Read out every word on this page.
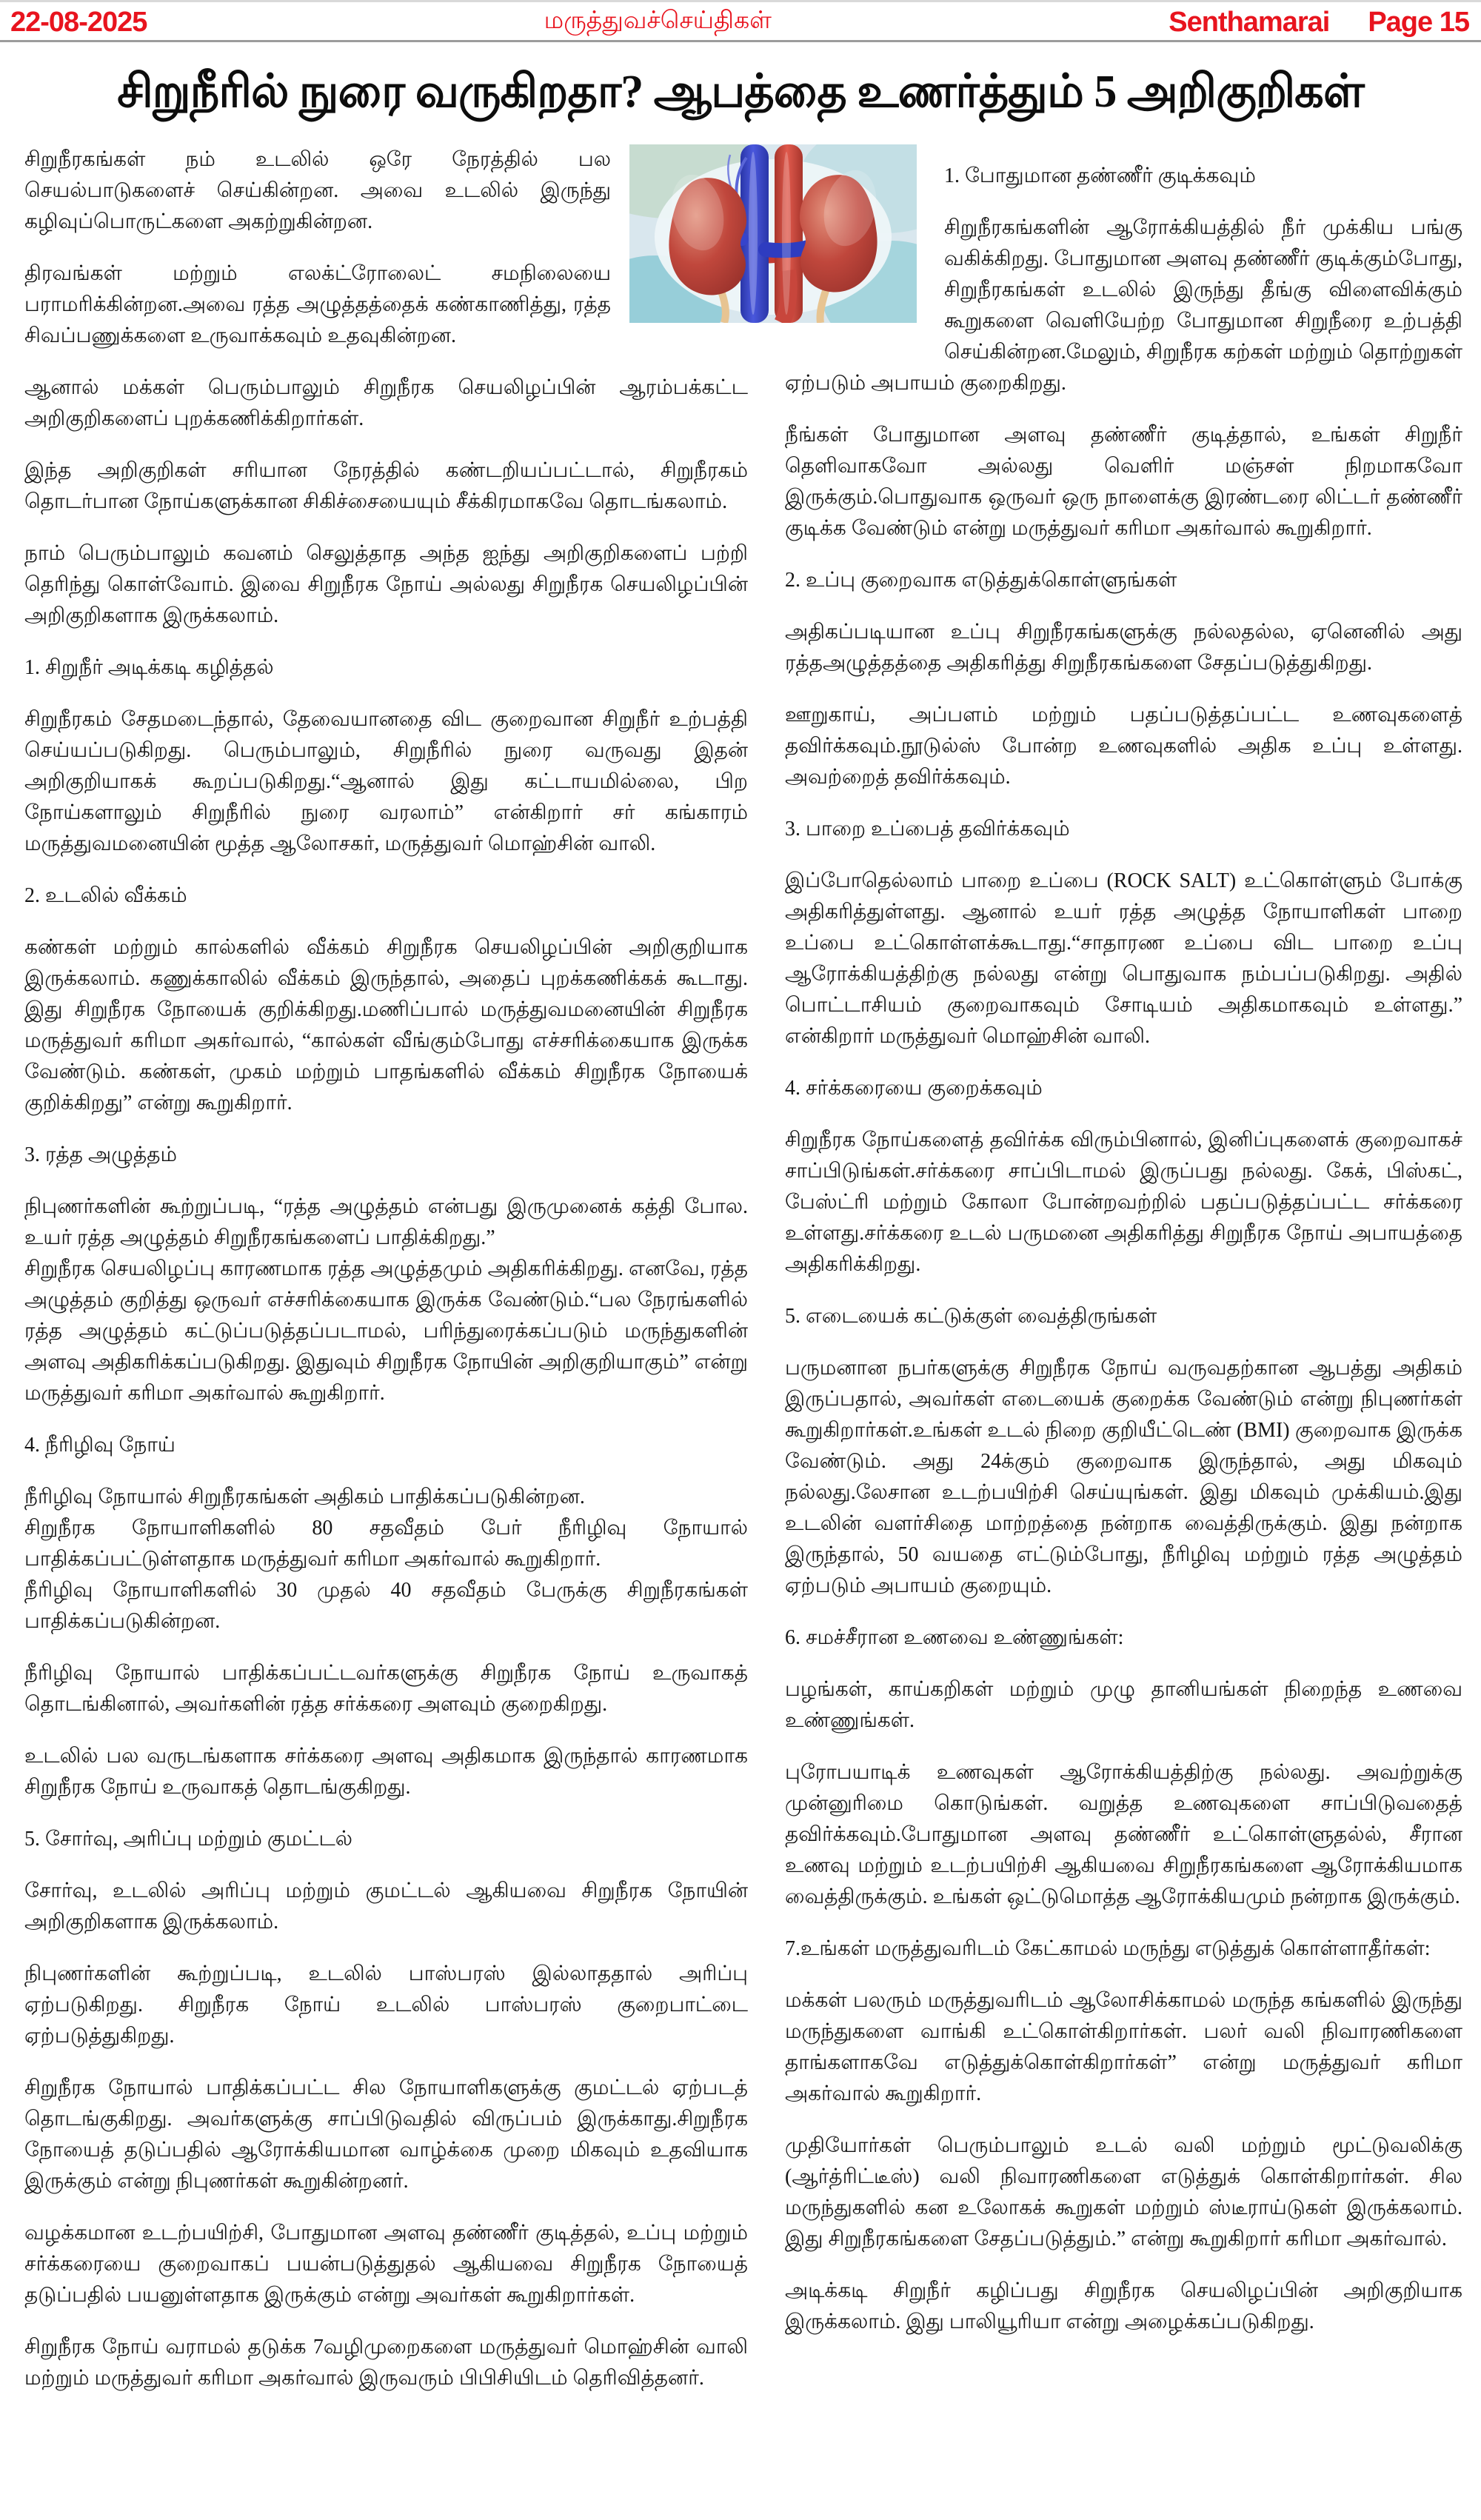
22-08-2025	மருத்துவச்செய்திகள்	Senthamarai Page 15
சிறுநீரில் நுரை வருகிறதா? ஆபத்தை உணர்த்தும் 5 அறிகுறிகள்
சிறுநீரகங்கள் நம் உடலில் ஒரே நேரத்தில் பல செயல்பாடுகளைச் செய்கின்றன. அவை உடலில் இருந்து கழிவுப்பொருட்களை அகற்றுகின்றன.
திரவங்கள் மற்றும் எலக்ட்ரோலைட் சமநிலையை பராமரிக்கின்றன.அவை ரத்த அழுத்தத்தைக் கண்காணித்து, ரத்த சிவப்பணுக்களை உருவாக்கவும் உதவுகின்றன.
ஆனால் மக்கள் பெரும்பாலும் சிறுநீரக செயலிழப்பின் ஆரம்பக்கட்ட அறிகுறிகளைப் புறக்கணிக்கிறார்கள்.
இந்த அறிகுறிகள் சரியான நேரத்தில் கண்டறியப்பட்டால், சிறுநீரகம் தொடர்பான நோய்களுக்கான சிகிச்சையையும் சீக்கிரமாகவே தொடங்கலாம்.
நாம் பெரும்பாலும் கவனம் செலுத்தாத அந்த ஐந்து அறிகுறிகளைப் பற்றி தெரிந்து கொள்வோம். இவை சிறுநீரக நோய் அல்லது சிறுநீரக செயலிழப்பின் அறிகுறிகளாக இருக்கலாம்.
1. சிறுநீர் அடிக்கடி கழித்தல்
சிறுநீரகம் சேதமடைந்தால், தேவையானதை விட குறைவான சிறுநீர் உற்பத்தி செய்யப்படுகிறது. பெரும்பாலும், சிறுநீரில் நுரை வருவது இதன் அறிகுறியாகக் கூறப்படுகிறது.“ஆனால் இது கட்டாயமில்லை, பிற நோய்களாலும் சிறுநீரில் நுரை வரலாம்” என்கிறார் சர் கங்காரம் மருத்துவமனையின் மூத்த ஆலோசகர், மருத்துவர் மொஹ்சின் வாலி.
2. உடலில் வீக்கம்
கண்கள் மற்றும் கால்களில் வீக்கம் சிறுநீரக செயலிழப்பின் அறிகுறியாக இருக்கலாம். கணுக்காலில் வீக்கம் இருந்தால், அதைப் புறக்கணிக்கக் கூடாது. இது சிறுநீரக நோயைக் குறிக்கிறது.மணிப்பால் மருத்துவமனையின் சிறுநீரக மருத்துவர் கரிமா அகர்வால், “கால்கள் வீங்கும்போது எச்சரிக்கையாக இருக்க வேண்டும். கண்கள், முகம் மற்றும் பாதங்களில் வீக்கம் சிறுநீரக நோயைக் குறிக்கிறது” என்று கூறுகிறார்.
3. ரத்த அழுத்தம்
நிபுணர்களின் கூற்றுப்படி, “ரத்த அழுத்தம் என்பது இருமுனைக் கத்தி போல. உயர் ரத்த அழுத்தம் சிறுநீரகங்களைப் பாதிக்கிறது.”
சிறுநீரக செயலிழப்பு காரணமாக ரத்த அழுத்தமும் அதிகரிக்கிறது. எனவே, ரத்த அழுத்தம் குறித்து ஒருவர் எச்சரிக்கையாக இருக்க வேண்டும்.“பல நேரங்களில் ரத்த அழுத்தம் கட்டுப்படுத்தப்படாமல், பரிந்துரைக்கப்படும் மருந்துகளின் அளவு அதிகரிக்கப்படுகிறது. இதுவும் சிறுநீரக நோயின் அறிகுறியாகும்” என்று மருத்துவர் கரிமா அகர்வால் கூறுகிறார்.
4. நீரிழிவு நோய்
நீரிழிவு நோயால் சிறுநீரகங்கள் அதிகம் பாதிக்கப்படுகின்றன.
சிறுநீரக நோயாளிகளில் 80 சதவீதம் பேர் நீரிழிவு நோயால் பாதிக்கப்பட்டுள்ளதாக மருத்துவர் கரிமா அகர்வால் கூறுகிறார்.
நீரிழிவு நோயாளிகளில் 30 முதல் 40 சதவீதம் பேருக்கு சிறுநீரகங்கள் பாதிக்கப்படுகின்றன.
நீரிழிவு நோயால் பாதிக்கப்பட்டவர்களுக்கு சிறுநீரக நோய் உருவாகத் தொடங்கினால், அவர்களின் ரத்த சர்க்கரை அளவும் குறைகிறது.
உடலில் பல வருடங்களாக சர்க்கரை அளவு அதிகமாக இருந்தால் காரணமாக சிறுநீரக நோய் உருவாகத் தொடங்குகிறது.
5. சோர்வு, அரிப்பு மற்றும் குமட்டல்
சோர்வு, உடலில் அரிப்பு மற்றும் குமட்டல் ஆகியவை சிறுநீரக நோயின் அறிகுறிகளாக இருக்கலாம்.
நிபுணர்களின் கூற்றுப்படி, உடலில் பாஸ்பரஸ் இல்லாததால் அரிப்பு ஏற்படுகிறது. சிறுநீரக நோய் உடலில் பாஸ்பரஸ் குறைபாட்டை ஏற்படுத்துகிறது.
சிறுநீரக நோயால் பாதிக்கப்பட்ட சில நோயாளிகளுக்கு குமட்டல் ஏற்படத் தொடங்குகிறது. அவர்களுக்கு சாப்பிடுவதில் விருப்பம் இருக்காது.சிறுநீரக நோயைத் தடுப்பதில் ஆரோக்கியமான வாழ்க்கை முறை மிகவும் உதவியாக இருக்கும் என்று நிபுணர்கள் கூறுகின்றனர்.
வழக்கமான உடற்பயிற்சி, போதுமான அளவு தண்ணீர் குடித்தல், உப்பு மற்றும் சர்க்கரையை குறைவாகப் பயன்படுத்துதல் ஆகியவை சிறுநீரக நோயைத் தடுப்பதில் பயனுள்ளதாக இருக்கும் என்று அவர்கள் கூறுகிறார்கள்.
சிறுநீரக நோய் வராமல் தடுக்க 7வழிமுறைகளை மருத்துவர் மொஹ்சின் வாலி மற்றும் மருத்துவர் கரிமா அகர்வால் இருவரும் பிபிசியிடம் தெரிவித்தனர்.
1. போதுமான தண்ணீர் குடிக்கவும்
சிறுநீரகங்களின் ஆரோக்கியத்தில் நீர் முக்கிய பங்கு வகிக்கிறது. போதுமான அளவு தண்ணீர் குடிக்கும்போது, சிறுநீரகங்கள் உடலில் இருந்து தீங்கு விளைவிக்கும் கூறுகளை வெளியேற்ற போதுமான சிறுநீரை உற்பத்தி செய்கின்றன.மேலும், சிறுநீரக கற்கள் மற்றும் தொற்றுகள் ஏற்படும் அபாயம் குறைகிறது.
நீங்கள் போதுமான அளவு தண்ணீர் குடித்தால், உங்கள் சிறுநீர் தெளிவாகவோ அல்லது வெளிர் மஞ்சள் நிறமாகவோ இருக்கும்.பொதுவாக ஒருவர் ஒரு நாளைக்கு இரண்டரை லிட்டர் தண்ணீர் குடிக்க வேண்டும் என்று மருத்துவர் கரிமா அகர்வால் கூறுகிறார்.
2. உப்பு குறைவாக எடுத்துக்கொள்ளுங்கள்
அதிகப்படியான உப்பு சிறுநீரகங்களுக்கு நல்லதல்ல, ஏனெனில் அது ரத்தஅழுத்தத்தை அதிகரித்து சிறுநீரகங்களை சேதப்படுத்துகிறது.
ஊறுகாய், அப்பளம் மற்றும் பதப்படுத்தப்பட்ட உணவுகளைத் தவிர்க்கவும்.நூடுல்ஸ் போன்ற உணவுகளில் அதிக உப்பு உள்ளது. அவற்றைத் தவிர்க்கவும்.
3. பாறை உப்பைத் தவிர்க்கவும்
இப்போதெல்லாம் பாறை உப்பை (ROCK SALT) உட்கொள்ளும் போக்கு அதிகரித்துள்ளது. ஆனால் உயர் ரத்த அழுத்த நோயாளிகள் பாறை உப்பை உட்கொள்ளக்கூடாது.“சாதாரண உப்பை விட பாறை உப்பு ஆரோக்கியத்திற்கு நல்லது என்று பொதுவாக நம்பப்படுகிறது. அதில் பொட்டாசியம் குறைவாகவும் சோடியம் அதிகமாகவும் உள்ளது.” என்கிறார் மருத்துவர் மொஹ்சின் வாலி.
4. சர்க்கரையை குறைக்கவும்
சிறுநீரக நோய்களைத் தவிர்க்க விரும்பினால், இனிப்புகளைக் குறைவாகச் சாப்பிடுங்கள்.சர்க்கரை சாப்பிடாமல் இருப்பது நல்லது. கேக், பிஸ்கட், பேஸ்ட்ரி மற்றும் கோலா போன்றவற்றில் பதப்படுத்தப்பட்ட சர்க்கரை உள்ளது.சர்க்கரை உடல் பருமனை அதிகரித்து சிறுநீரக நோய் அபாயத்தை அதிகரிக்கிறது.
5. எடையைக் கட்டுக்குள் வைத்திருங்கள்
பருமனான நபர்களுக்கு சிறுநீரக நோய் வருவதற்கான ஆபத்து அதிகம் இருப்பதால், அவர்கள் எடையைக் குறைக்க வேண்டும் என்று நிபுணர்கள் கூறுகிறார்கள்.உங்கள் உடல் நிறை குறியீட்டெண் (BMI) குறைவாக இருக்க வேண்டும். அது 24க்கும் குறைவாக இருந்தால், அது மிகவும் நல்லது.லேசான உடற்பயிற்சி செய்யுங்கள். இது மிகவும் முக்கியம்.இது உடலின் வளர்சிதை மாற்றத்தை நன்றாக வைத்திருக்கும். இது நன்றாக இருந்தால், 50 வயதை எட்டும்போது, நீரிழிவு மற்றும் ரத்த அழுத்தம் ஏற்படும் அபாயம் குறையும்.
6. சமச்சீரான உணவை உண்ணுங்கள்:
பழங்கள், காய்கறிகள் மற்றும் முழு தானியங்கள் நிறைந்த உணவை உண்ணுங்கள்.
புரோபயாடிக் உணவுகள் ஆரோக்கியத்திற்கு நல்லது. அவற்றுக்கு முன்னுரிமை கொடுங்கள். வறுத்த உணவுகளை சாப்பிடுவதைத் தவிர்க்கவும்.போதுமான அளவு தண்ணீர் உட்கொள்ளுதல்ல், சீரான உணவு மற்றும் உடற்பயிற்சி ஆகியவை சிறுநீரகங்களை ஆரோக்கியமாக வைத்திருக்கும். உங்கள் ஒட்டுமொத்த ஆரோக்கியமும் நன்றாக இருக்கும்.
7.உங்கள் மருத்துவரிடம் கேட்காமல் மருந்து எடுத்துக் கொள்ளாதீர்கள்:
மக்கள் பலரும் மருத்துவரிடம் ஆலோசிக்காமல் மருந்த கங்களில் இருந்து மருந்துகளை வாங்கி உட்கொள்கிறார்கள். பலர் வலி நிவாரணிகளை தாங்களாகவே எடுத்துக்கொள்கிறார்கள்” என்று மருத்துவர் கரிமா அகர்வால் கூறுகிறார்.
முதியோர்கள் பெரும்பாலும் உடல் வலி மற்றும் மூட்டுவலிக்கு (ஆர்த்ரிட்டீஸ்) வலி நிவாரணிகளை எடுத்துக் கொள்கிறார்கள். சில மருந்துகளில் கன உலோகக் கூறுகள் மற்றும் ஸ்டீராய்டுகள் இருக்கலாம். இது சிறுநீரகங்களை சேதப்படுத்தும்.” என்று கூறுகிறார் கரிமா அகர்வால்.
அடிக்கடி சிறுநீர் கழிப்பது சிறுநீரக செயலிழப்பின் அறிகுறியாக இருக்கலாம். இது பாலியூரியா என்று அழைக்கப்படுகிறது.
